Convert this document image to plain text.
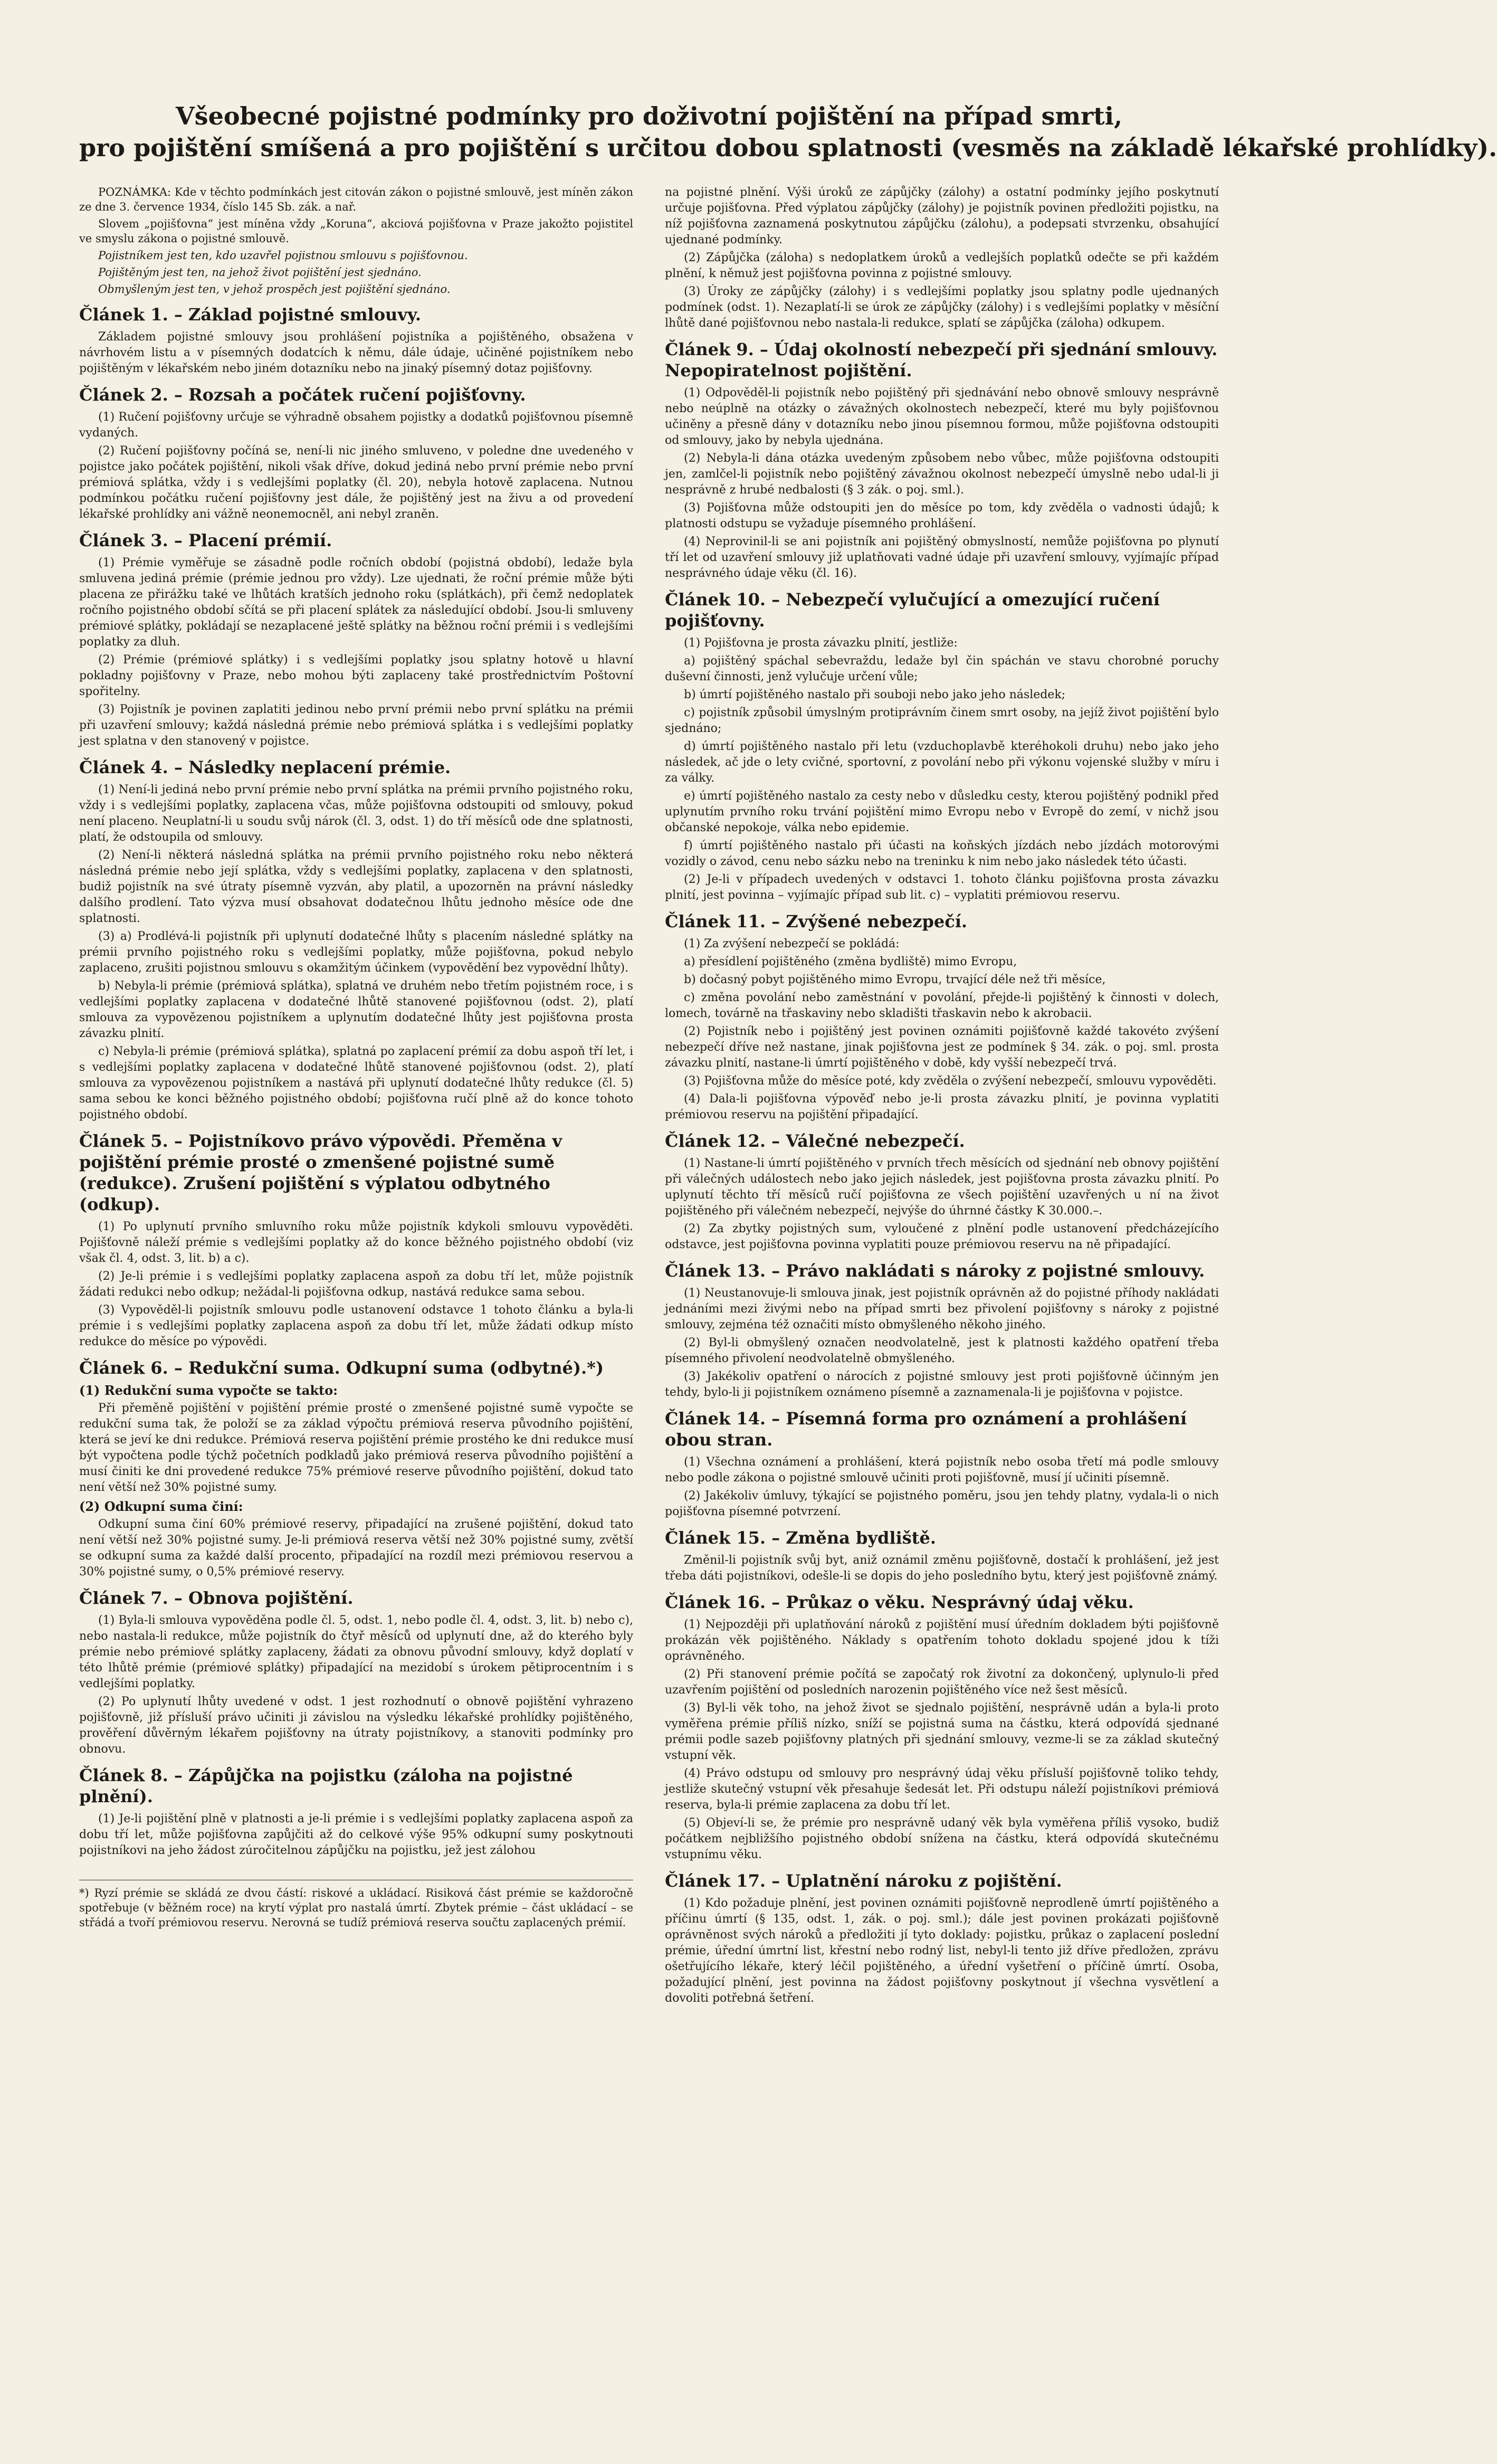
Všeobecné pojistné podmínky pro doživotní pojištění na případ smrti,
pro pojištění smíšená a pro pojištění s určitou dobou splatnosti (vesměs na základě lékařské prohlídky).

POZNÁMKA: Kde v těchto podmínkách jest citován zákon o pojistné smlouvě, jest míněn zákon ze dne 3. července 1934, číslo 145 Sb. zák. a nař.

Slovem „pojišťovna“ jest míněna vždy „Koruna“, akciová pojišťovna v Praze jakožto pojistitel ve smyslu zákona o pojistné smlouvě.

Pojistníkem jest ten, kdo uzavřel pojistnou smlouvu s pojišťovnou.

Pojištěným jest ten, na jehož život pojištění jest sjednáno.

Obmyšleným jest ten, v jehož prospěch jest pojištění sjednáno.

Článek 1. – Základ pojistné smlouvy.

Základem pojistné smlouvy jsou prohlášení pojistníka a pojištěného, obsažena v návrhovém listu a v písemných dodatcích k němu, dále údaje, učiněné pojistníkem nebo pojištěným v lékařském nebo jiném dotazníku nebo na jinaký písemný dotaz pojišťovny.

Článek 2. – Rozsah a počátek ručení pojišťovny.

(1) Ručení pojišťovny určuje se výhradně obsahem pojistky a dodatků pojišťovnou písemně vydaných.

(2) Ručení pojišťovny počíná se, není-li nic jiného smluveno, v poledne dne uvedeného v pojistce jako počátek pojištění, nikoli však dříve, dokud jediná nebo první prémie nebo první prémiová splátka, vždy i s vedlejšími poplatky (čl. 20), nebyla hotově zaplacena. Nutnou podmínkou počátku ručení pojišťovny jest dále, že pojištěný jest na živu a od provedení lékařské prohlídky ani vážně neonemocněl, ani nebyl zraněn.

Článek 3. – Placení prémií.

(1) Prémie vyměřuje se zásadně podle ročních období (pojistná období), ledaže byla smluvena jediná prémie (prémie jednou pro vždy). Lze ujednati, že roční prémie může býti placena ze přirážku také ve lhůtách kratších jednoho roku (splátkách), při čemž nedoplatek ročního pojistného období sčítá se při placení splátek za následující období. Jsou-li smluveny prémiové splátky, pokládají se nezaplacené ještě splátky na běžnou roční prémii i s vedlejšími poplatky za dluh.

(2) Prémie (prémiové splátky) i s vedlejšími poplatky jsou splatny hotově u hlavní pokladny pojišťovny v Praze, nebo mohou býti zaplaceny také prostřednictvím Poštovní spořitelny.

(3) Pojistník je povinen zaplatiti jedinou nebo první prémii nebo první splátku na prémii při uzavření smlouvy; každá následná prémie nebo prémiová splátka i s vedlejšími poplatky jest splatna v den stanovený v pojistce.

Článek 4. – Následky neplacení prémie.

(1) Není-li jediná nebo první prémie nebo první splátka na prémii prvního pojistného roku, vždy i s vedlejšími poplatky, zaplacena včas, může pojišťovna odstoupiti od smlouvy, pokud není placeno. Neuplatní-li u soudu svůj nárok (čl. 3, odst. 1) do tří měsíců ode dne splatnosti, platí, že odstoupila od smlouvy.

(2) Není-li některá následná splátka na prémii prvního pojistného roku nebo některá následná prémie nebo její splátka, vždy s vedlejšími poplatky, zaplacena v den splatnosti, budiž pojistník na své útraty písemně vyzván, aby platil, a upozorněn na právní následky dalšího prodlení. Tato výzva musí obsahovat dodatečnou lhůtu jednoho měsíce ode dne splatnosti.

(3) a) Prodlévá-li pojistník při uplynutí dodatečné lhůty s placením následné splátky na prémii prvního pojistného roku s vedlejšími poplatky, může pojišťovna, pokud nebylo zaplaceno, zrušiti pojistnou smlouvu s okamžitým účinkem (vypovědění bez vypovědní lhůty).

b) Nebyla-li prémie (prémiová splátka), splatná ve druhém nebo třetím pojistném roce, i s vedlejšími poplatky zaplacena v dodatečné lhůtě stanovené pojišťovnou (odst. 2), platí smlouva za vypovězenou pojistníkem a uplynutím dodatečné lhůty jest pojišťovna prosta závazku plnití.

c) Nebyla-li prémie (prémiová splátka), splatná po zaplacení prémií za dobu aspoň tří let, i s vedlejšími poplatky zaplacena v dodatečné lhůtě stanovené pojišťovnou (odst. 2), platí smlouva za vypovězenou pojistníkem a nastává při uplynutí dodatečné lhůty redukce (čl. 5) sama sebou ke konci běžného pojistného období; pojišťovna ručí plně až do konce tohoto pojistného období.

Článek 5. – Pojistníkovo právo výpovědi. Přeměna v pojištění prémie prosté o zmenšené pojistné sumě (redukce). Zrušení pojištění s výplatou odbytného (odkup).

(1) Po uplynutí prvního smluvního roku může pojistník kdykoli smlouvu vypověděti. Pojišťovně náleží prémie s vedlejšími poplatky až do konce běžného pojistného období (viz však čl. 4, odst. 3, lit. b) a c).

(2) Je-li prémie i s vedlejšími poplatky zaplacena aspoň za dobu tří let, může pojistník žádati redukci nebo odkup; nežádal-li pojišťovna odkup, nastává redukce sama sebou.

(3) Vypověděl-li pojistník smlouvu podle ustanovení odstavce 1 tohoto článku a byla-li prémie i s vedlejšími poplatky zaplacena aspoň za dobu tří let, může žádati odkup místo redukce do měsíce po výpovědi.

Článek 6. – Redukční suma. Odkupní suma (odbytné).*)
(1) Redukční suma vypočte se takto:

Při přeměně pojištění v pojištění prémie prosté o zmenšené pojistné sumě vypočte se redukční suma tak, že položí se za základ výpočtu prémiová reserva původního pojištění, která se jeví ke dni redukce. Prémiová reserva pojištění prémie prostého ke dni redukce musí být vypočtena podle týchž početních podkladů jako prémiová reserva původního pojištění a musí činiti ke dni provedené redukce 75% prémiové reserve původního pojištění, dokud tato není větší než 30% pojistné sumy.

(2) Odkupní suma činí:

Odkupní suma činí 60% prémiové reservy, připadající na zrušené pojištění, dokud tato není větší než 30% pojistné sumy. Je-li prémiová reserva větší než 30% pojistné sumy, zvětší se odkupní suma za každé další procento, připadající na rozdíl mezi prémiovou reservou a 30% pojistné sumy, o 0,5% prémiové reservy.

Článek 7. – Obnova pojištění.

(1) Byla-li smlouva vypověděna podle čl. 5, odst. 1, nebo podle čl. 4, odst. 3, lit. b) nebo c), nebo nastala-li redukce, může pojistník do čtyř měsíců od uplynutí dne, až do kterého byly prémie nebo prémiové splátky zaplaceny, žádati za obnovu původní smlouvy, když doplatí v této lhůtě prémie (prémiové splátky) připadající na mezidobí s úrokem pětiprocentním i s vedlejšími poplatky.

(2) Po uplynutí lhůty uvedené v odst. 1 jest rozhodnutí o obnově pojištění vyhrazeno pojišťovně, již přísluší právo učiniti ji závislou na výsledku lékařské prohlídky pojištěného, prověření důvěrným lékařem pojišťovny na útraty pojistníkovy, a stanoviti podmínky pro obnovu.

Článek 8. – Zápůjčka na pojistku (záloha na pojistné plnění).

(1) Je-li pojištění plně v platnosti a je-li prémie i s vedlejšími poplatky zaplacena aspoň za dobu tří let, může pojišťovna zapůjčiti až do celkové výše 95% odkupní sumy poskytnouti pojistníkovi na jeho žádost zúročitelnou zápůjčku na pojistku, jež jest zálohou

*) Ryzí prémie se skládá ze dvou částí: riskové a ukládací. Risiková část prémie se každoročně spotřebuje (v běžném roce) na krytí výplat pro nastalá úmrtí. Zbytek prémie – část ukládací – se střádá a tvoří prémiovou reservu. Nerovná se tudíž prémiová reserva součtu zaplacených prémií.

na pojistné plnění. Výši úroků ze zápůjčky (zálohy) a ostatní podmínky jejího poskytnutí určuje pojišťovna. Před výplatou zápůjčky (zálohy) je pojistník povinen předložiti pojistku, na níž pojišťovna zaznamená poskytnutou zápůjčku (zálohu), a podepsati stvrzenku, obsahující ujednané podmínky.

(2) Zápůjčka (záloha) s nedoplatkem úroků a vedlejších poplatků odečte se při každém plnění, k němuž jest pojišťovna povinna z pojistné smlouvy.

(3) Úroky ze zápůjčky (zálohy) i s vedlejšími poplatky jsou splatny podle ujednaných podmínek (odst. 1). Nezaplatí-li se úrok ze zápůjčky (zálohy) i s vedlejšími poplatky v měsíční lhůtě dané pojišťovnou nebo nastala-li redukce, splatí se zápůjčka (záloha) odkupem.

Článek 9. – Údaj okolností nebezpečí při sjednání smlouvy. Nepopiratelnost pojištění.

(1) Odpověděl-li pojistník nebo pojištěný při sjednávání nebo obnově smlouvy nesprávně nebo neúplně na otázky o závažných okolnostech nebezpečí, které mu byly pojišťovnou učiněny a přesně dány v dotazníku nebo jinou písemnou formou, může pojišťovna odstoupiti od smlouvy, jako by nebyla ujednána.

(2) Nebyla-li dána otázka uvedeným způsobem nebo vůbec, může pojišťovna odstoupiti jen, zamlčel-li pojistník nebo pojištěný závažnou okolnost nebezpečí úmyslně nebo udal-li ji nesprávně z hrubé nedbalosti (§ 3 zák. o poj. sml.).

(3) Pojišťovna může odstoupiti jen do měsíce po tom, kdy zvěděla o vadnosti údajů; k platnosti odstupu se vyžaduje písemného prohlášení.

(4) Neprovinil-li se ani pojistník ani pojištěný obmyslností, nemůže pojišťovna po plynutí tří let od uzavření smlouvy již uplatňovati vadné údaje při uzavření smlouvy, vyjímajíc případ nesprávného údaje věku (čl. 16).

Článek 10. – Nebezpečí vylučující a omezující ručení pojišťovny.

(1) Pojišťovna je prosta závazku plnití, jestliže:

a) pojištěný spáchal sebevraždu, ledaže byl čin spáchán ve stavu chorobné poruchy duševní činnosti, jenž vylučuje určení vůle;

b) úmrtí pojištěného nastalo při souboji nebo jako jeho následek;

c) pojistník způsobil úmyslným protiprávním činem smrt osoby, na jejíž život pojištění bylo sjednáno;

d) úmrtí pojištěného nastalo při letu (vzduchoplavbě kteréhokoli druhu) nebo jako jeho následek, ač jde o lety cvičné, sportovní, z povolání nebo při výkonu vojenské služby v míru i za války.

e) úmrtí pojištěného nastalo za cesty nebo v důsledku cesty, kterou pojištěný podnikl před uplynutím prvního roku trvání pojištění mimo Evropu nebo v Evropě do zemí, v nichž jsou občanské nepokoje, válka nebo epidemie.

f) úmrtí pojištěného nastalo při účasti na koňských jízdách nebo jízdách motorovými vozidly o závod, cenu nebo sázku nebo na treninku k nim nebo jako následek této účasti.

(2) Je-li v případech uvedených v odstavci 1. tohoto článku pojišťovna prosta závazku plnití, jest povinna – vyjímajíc případ sub lit. c) – vyplatiti prémiovou reservu.

Článek 11. – Zvýšené nebezpečí.

(1) Za zvýšení nebezpečí se pokládá:

a) přesídlení pojištěného (změna bydliště) mimo Evropu,

b) dočasný pobyt pojištěného mimo Evropu, trvající déle než tři měsíce,

c) změna povolání nebo zaměstnání v povolání, přejde-li pojištěný k činnosti v dolech, lomech, továrně na třaskaviny nebo skladišti třaskavin nebo k akrobacii.

(2) Pojistník nebo i pojištěný jest povinen oznámiti pojišťovně každé takovéto zvýšení nebezpečí dříve než nastane, jinak pojišťovna jest ze podmínek § 34. zák. o poj. sml. prosta závazku plnití, nastane-li úmrtí pojištěného v době, kdy vyšší nebezpečí trvá.

(3) Pojišťovna může do měsíce poté, kdy zvěděla o zvýšení nebezpečí, smlouvu vypověděti.

(4) Dala-li pojišťovna výpověď nebo je-li prosta závazku plnití, je povinna vyplatiti prémiovou reservu na pojištění připadající.

Článek 12. – Válečné nebezpečí.

(1) Nastane-li úmrtí pojištěného v prvních třech měsících od sjednání neb obnovy pojištění při válečných událostech nebo jako jejich následek, jest pojišťovna prosta závazku plnití. Po uplynutí těchto tří měsíců ručí pojišťovna ze všech pojištění uzavřených u ní na život pojištěného při válečném nebezpečí, nejvýše do úhrnné částky K 30.000.–.

(2) Za zbytky pojistných sum, vyloučené z plnění podle ustanovení předcházejícího odstavce, jest pojišťovna povinna vyplatiti pouze prémiovou reservu na ně připadající.

Článek 13. – Právo nakládati s nároky z pojistné smlouvy.

(1) Neustanovuje-li smlouva jinak, jest pojistník oprávněn až do pojistné příhody nakládati jednáními mezi živými nebo na případ smrti bez přivolení pojišťovny s nároky z pojistné smlouvy, zejména též označiti místo obmyšleného někoho jiného.

(2) Byl-li obmyšlený označen neodvolatelně, jest k platnosti každého opatření třeba písemného přivolení neodvolatelně obmyšleného.

(3) Jakékoliv opatření o nárocích z pojistné smlouvy jest proti pojišťovně účinným jen tehdy, bylo-li ji pojistníkem oznámeno písemně a zaznamenala-li je pojišťovna v pojistce.

Článek 14. – Písemná forma pro oznámení a prohlášení obou stran.

(1) Všechna oznámení a prohlášení, která pojistník nebo osoba třetí má podle smlouvy nebo podle zákona o pojistné smlouvě učiniti proti pojišťovně, musí jí učiniti písemně.

(2) Jakékoliv úmluvy, týkající se pojistného poměru, jsou jen tehdy platny, vydala-li o nich pojišťovna písemné potvrzení.

Článek 15. – Změna bydliště.

Změnil-li pojistník svůj byt, aniž oznámil změnu pojišťovně, dostačí k prohlášení, jež jest třeba dáti pojistníkovi, odešle-li se dopis do jeho posledního bytu, který jest pojišťovně známý.

Článek 16. – Průkaz o věku. Nesprávný údaj věku.

(1) Nejpozději při uplatňování nároků z pojištění musí úředním dokladem býti pojišťovně prokázán věk pojištěného. Náklady s opatřením tohoto dokladu spojené jdou k tíži oprávněného.

(2) Při stanovení prémie počítá se započatý rok životní za dokončený, uplynulo-li před uzavřením pojištění od posledních narozenin pojištěného více než šest měsíců.

(3) Byl-li věk toho, na jehož život se sjednalo pojištění, nesprávně udán a byla-li proto vyměřena prémie příliš nízko, sníží se pojistná suma na částku, která odpovídá sjednané prémii podle sazeb pojišťovny platných při sjednání smlouvy, vezme-li se za základ skutečný vstupní věk.

(4) Právo odstupu od smlouvy pro nesprávný údaj věku přísluší pojišťovně toliko tehdy, jestliže skutečný vstupní věk přesahuje šedesát let. Při odstupu náleží pojistníkovi prémiová reserva, byla-li prémie zaplacena za dobu tří let.

(5) Objeví-li se, že prémie pro nesprávně udaný věk byla vyměřena příliš vysoko, budiž počátkem nejbližšího pojistného období snížena na částku, která odpovídá skutečnému vstupnímu věku.

Článek 17. – Uplatnění nároku z pojištění.

(1) Kdo požaduje plnění, jest povinen oznámiti pojišťovně neprodleně úmrtí pojištěného a příčinu úmrtí (§ 135, odst. 1, zák. o poj. sml.); dále jest povinen prokázati pojišťovně oprávněnost svých nároků a předložiti jí tyto doklady: pojistku, průkaz o zaplacení poslední prémie, úřední úmrtní list, křestní nebo rodný list, nebyl-li tento již dříve předložen, zprávu ošetřujícího lékaře, který léčil pojištěného, a úřední vyšetření o příčině úmrtí. Osoba, požadující plnění, jest povinna na žádost pojišťovny poskytnout jí všechna vysvětlení a dovoliti potřebná šetření.
